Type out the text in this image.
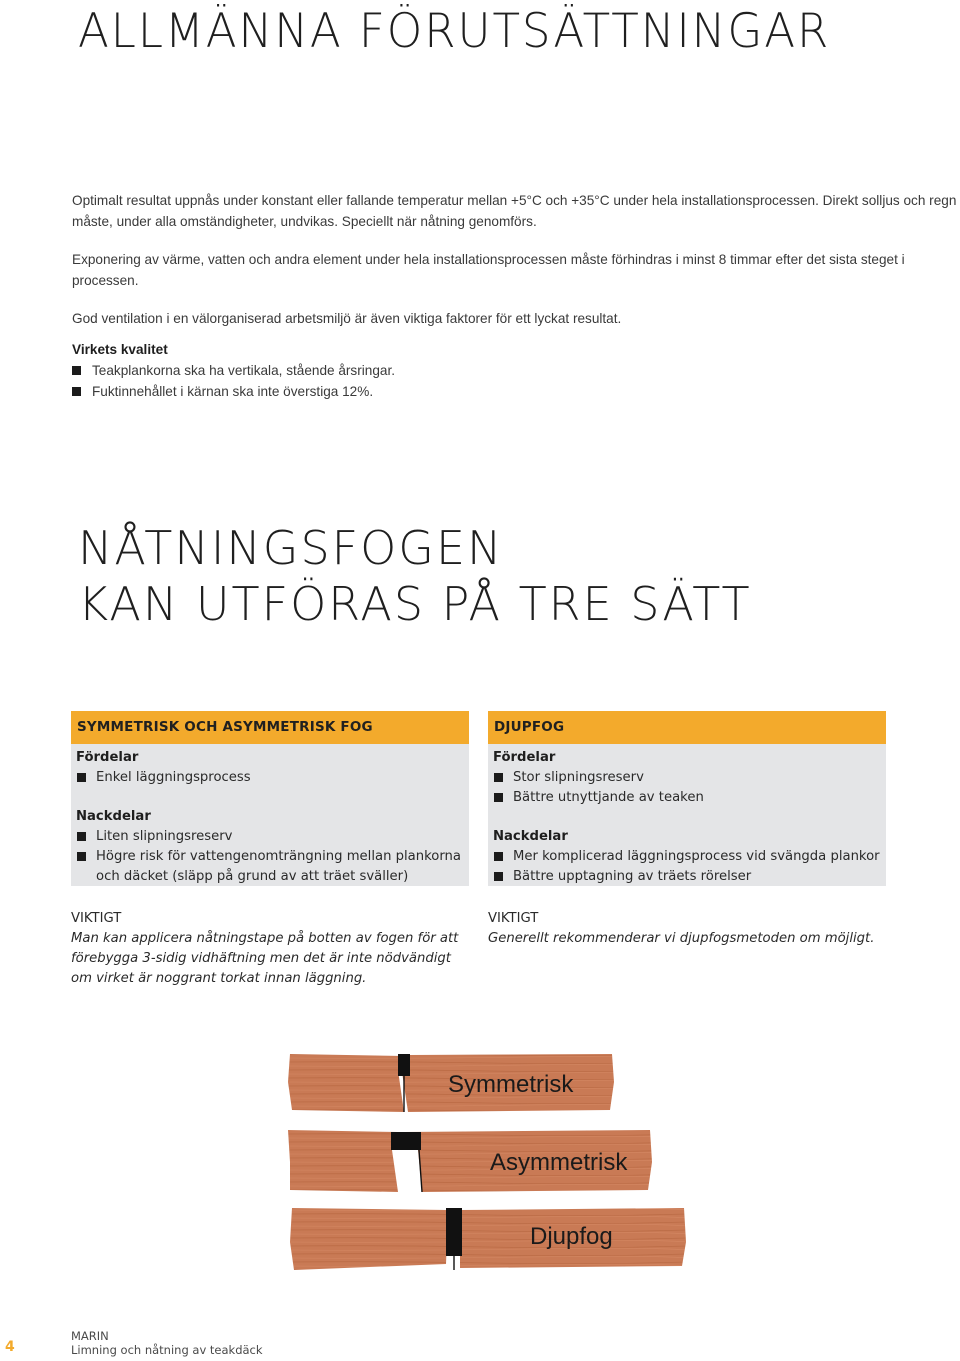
ALLMÄNNA FÖRUTSÄTTNINGAR

Optimalt resultat uppnås under konstant eller fallande temperatur mellan +5°C och +35°C under hela installationsprocessen. Direkt solljus och regn måste, under alla omständigheter, undvikas. Speciellt när nåtning genomförs.

Exponering av värme, vatten och andra element under hela installationsprocessen måste förhindras i minst 8 timmar efter det sista steget i processen.

God ventilation i en välorganiserad arbetsmiljö är även viktiga faktorer för ett lyckat resultat.

Virkets kvalitet
Teakplankorna ska ha vertikala, stående årsringar.
Fuktinnehållet i kärnan ska inte överstiga 12%.
NÅTNINGSFOGEN
KAN UTFÖRAS PÅ TRE SÄTT
SYMMETRISK OCH ASYMMETRISK FOG
Fördelar
Enkel läggningsprocess
Nackdelar
Liten slipningsreserv
Högre risk för vattengenomträngning mellan plankorna och däcket (släpp på grund av att träet sväller)
DJUPFOG
Fördelar
Stor slipningsreserv
Bättre utnyttjande av teaken
Nackdelar
Mer komplicerad läggningsprocess vid svängda plankor
Bättre upptagning av träets rörelser
VIKTIGT
Man kan applicera nåtningstape på botten av fogen för att förebygga 3-sidig vidhäftning men det är inte nödvändigt om virket är noggrant torkat innan läggning.
VIKTIGT
Generellt rekommenderar vi djupfogsmetoden om möjligt.
Symmetrisk
Asymmetrisk
Djupfog
4
MARIN
Limning och nåtning av teakdäck
